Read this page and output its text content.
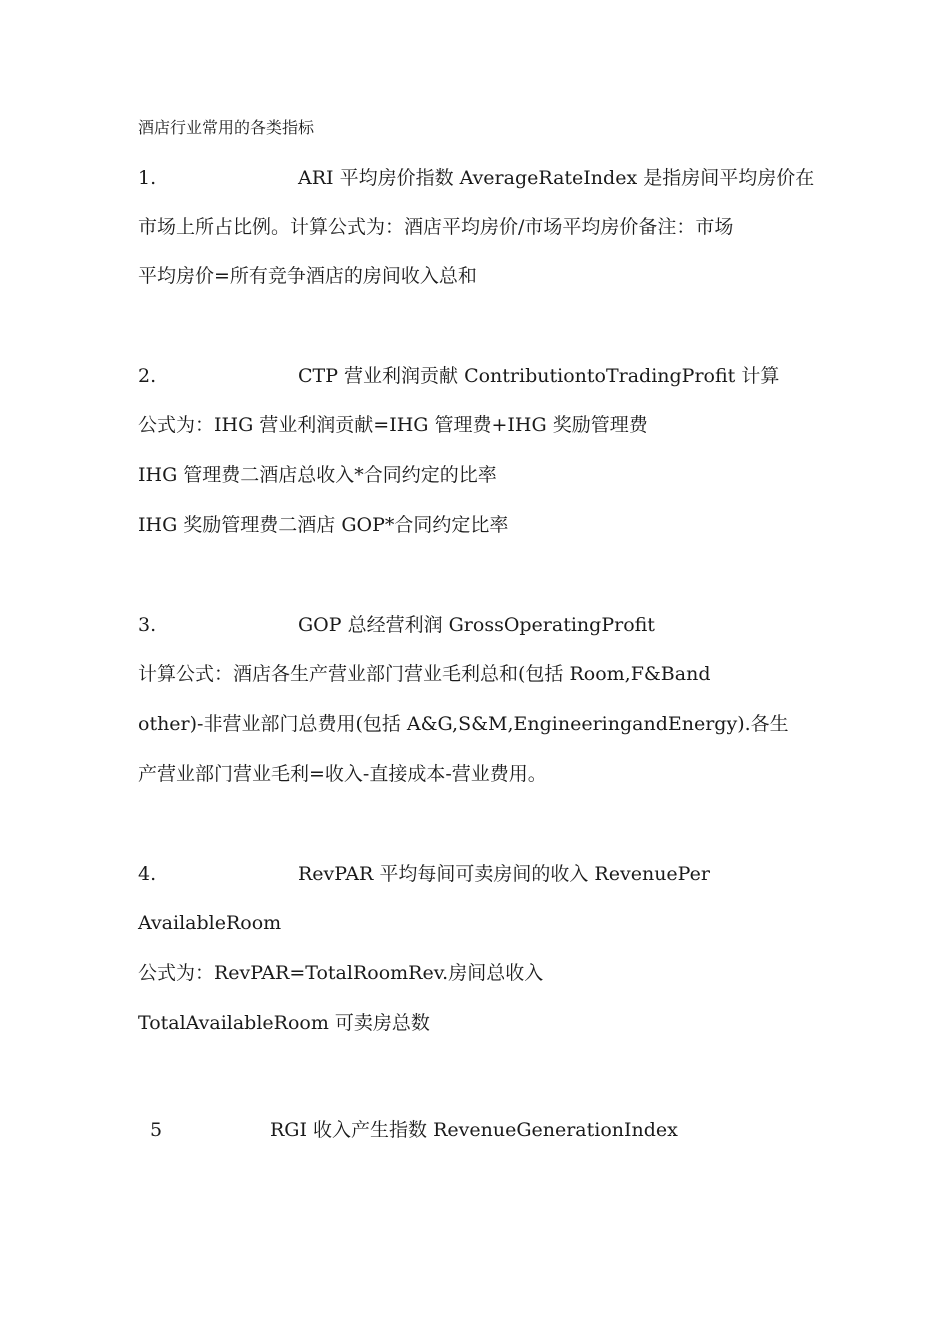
酒店行业常用的各类指标
1.	ARI 平均房价指数 AverageRateIndex 是指房间平均房价在
市场上所占比例。计算公式为：酒店平均房价/市场平均房价备注：市场
平均房价=所有竞争酒店的房间收入总和
2.	CTP 营业利润贡献 ContributiontoTradingProfit 计算
公式为：IHG 营业利润贡献=IHG 管理费+IHG 奖励管理费
IHG 管理费二酒店总收入*合同约定的比率
IHG 奖励管理费二酒店 GOP*合同约定比率
3.	GOP 总经营利润 GrossOperatingProfit
计算公式：酒店各生产营业部门营业毛利总和(包括 Room,F&Band
other)-非营业部门总费用(包括 A&G,S&M,EngineeringandEnergy).各生
产营业部门营业毛利=收入-直接成本-营业费用。
4.	RevPAR 平均每间可卖房间的收入 RevenuePer
AvailableRoom
公式为：RevPAR=TotalRoomRev.房间总收入
TotalAvailableRoom 可卖房总数
5	RGI 收入产生指数 RevenueGenerationIndex
